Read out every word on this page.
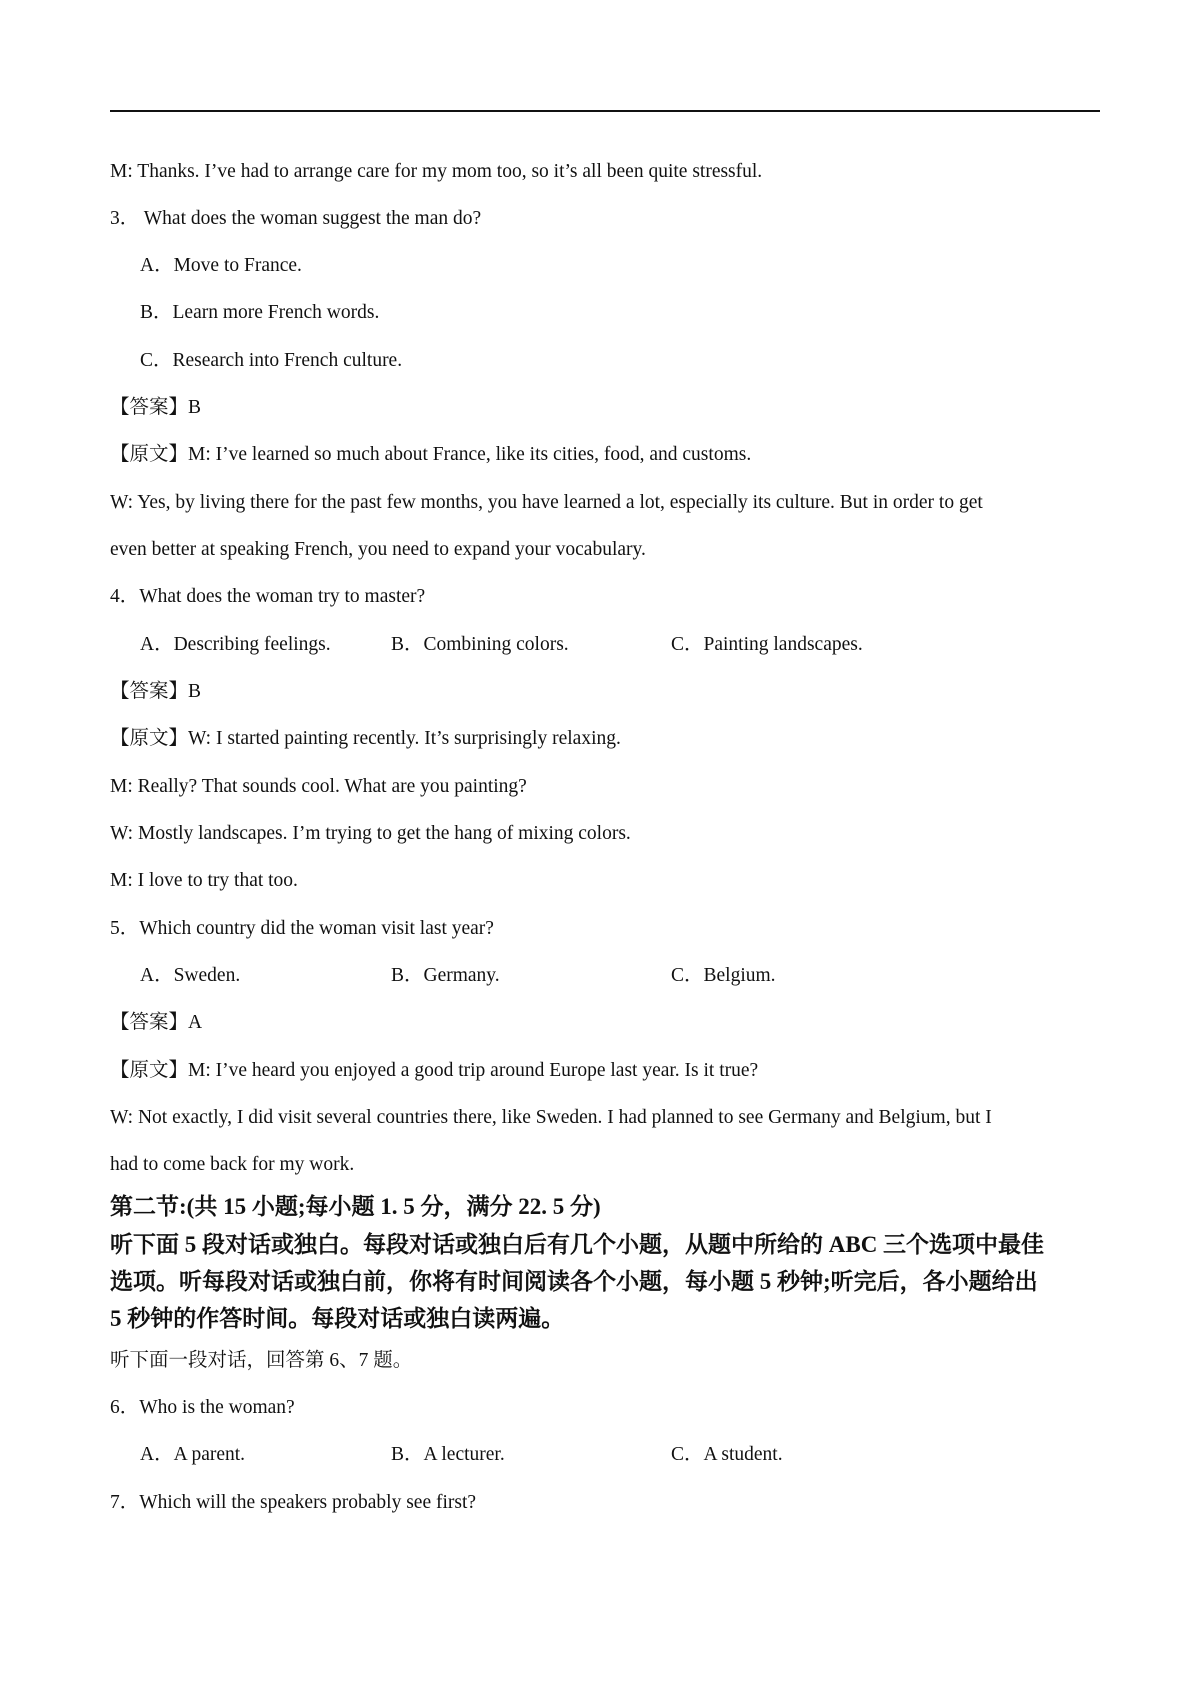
M: Thanks. I’ve had to arrange care for my mom too, so it’s all been quite stressful.
3． What does the woman suggest the man do?
A．Move to France.
B．Learn more French words.
C．Research into French culture.
【答案】B
【原文】M: I’ve learned so much about France, like its cities, food, and customs.
W: Yes, by living there for the past few months, you have learned a lot, especially its culture. But in order to get
even better at speaking French, you need to expand your vocabulary.
4．What does the woman try to master?
A．Describing feelings.	B．Combining colors.	C．Painting landscapes.
【答案】B
【原文】W: I started painting recently. It’s surprisingly relaxing.
M: Really? That sounds cool. What are you painting?
W: Mostly landscapes. I’m trying to get the hang of mixing colors.
M: I love to try that too.
5．Which country did the woman visit last year?
A．Sweden.	B．Germany.	C．Belgium.
【答案】A
【原文】M: I’ve heard you enjoyed a good trip around Europe last year. Is it true?
W: Not exactly, I did visit several countries there, like Sweden. I had planned to see Germany and Belgium, but I
had to come back for my work.
第二节:(共 15 小题;每小题 1. 5 分，满分 22. 5 分)
听下面 5 段对话或独白。每段对话或独白后有几个小题，从题中所给的 ABC 三个选项中最佳
选项。听每段对话或独白前，你将有时间阅读各个小题，每小题 5 秒钟;听完后，各小题给出
5 秒钟的作答时间。每段对话或独白读两遍。
听下面一段对话，回答第 6、7 题。
6．Who is the woman?
A．A parent.	B．A lecturer.	C．A student.
7．Which will the speakers probably see first?
